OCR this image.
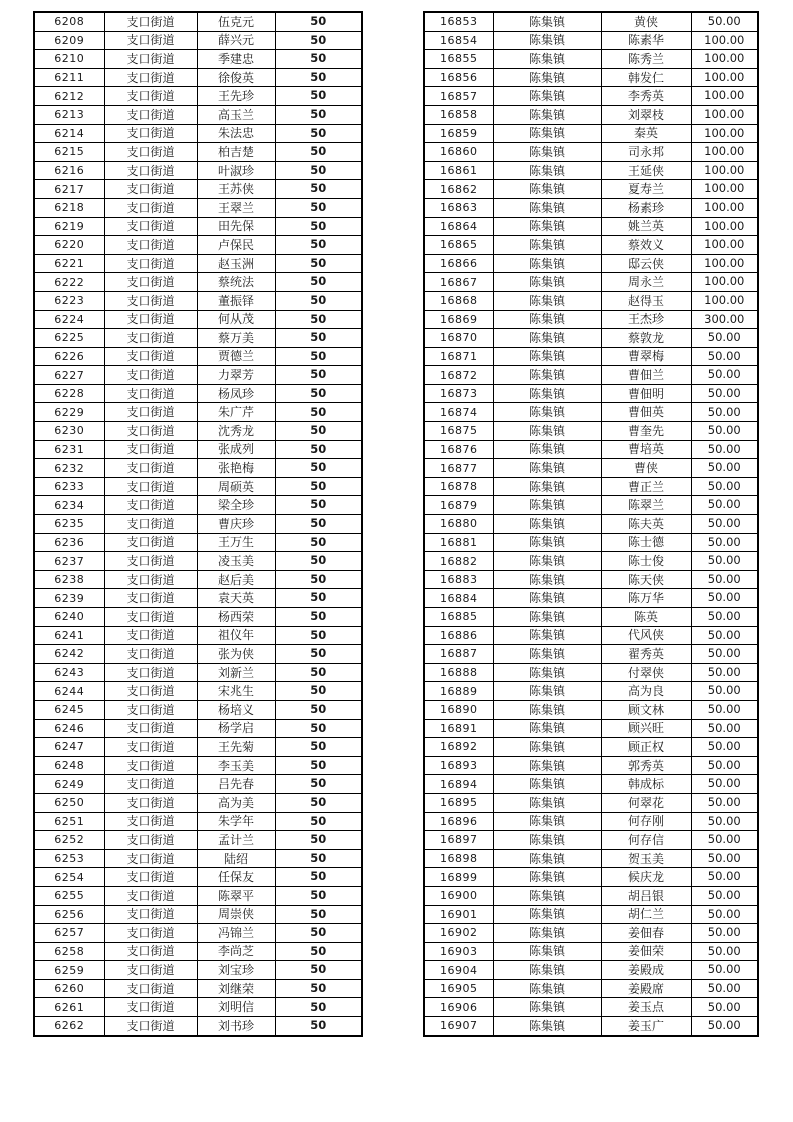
6208	支口街道	伍克元	50
6209	支口街道	薛兴元	50
6210	支口街道	季建忠	50
6211	支口街道	徐俊英	50
6212	支口街道	王先珍	50
6213	支口街道	高玉兰	50
6214	支口街道	朱法忠	50
6215	支口街道	柏吉楚	50
6216	支口街道	叶淑珍	50
6217	支口街道	王苏侠	50
6218	支口街道	王翠兰	50
6219	支口街道	田先保	50
6220	支口街道	卢保民	50
6221	支口街道	赵玉洲	50
6222	支口街道	蔡统法	50
6223	支口街道	董振铎	50
6224	支口街道	何从茂	50
6225	支口街道	蔡万美	50
6226	支口街道	贾德兰	50
6227	支口街道	力翠芳	50
6228	支口街道	杨凤珍	50
6229	支口街道	朱广芹	50
6230	支口街道	沈秀龙	50
6231	支口街道	张成列	50
6232	支口街道	张艳梅	50
6233	支口街道	周硕英	50
6234	支口街道	梁全珍	50
6235	支口街道	曹庆珍	50
6236	支口街道	王万生	50
6237	支口街道	凌玉美	50
6238	支口街道	赵后美	50
6239	支口街道	袁天英	50
6240	支口街道	杨西荣	50
6241	支口街道	祖仪年	50
6242	支口街道	张为侠	50
6243	支口街道	刘新兰	50
6244	支口街道	宋兆生	50
6245	支口街道	杨培义	50
6246	支口街道	杨学启	50
6247	支口街道	王先菊	50
6248	支口街道	李玉美	50
6249	支口街道	吕先春	50
6250	支口街道	高为美	50
6251	支口街道	朱学年	50
6252	支口街道	孟计兰	50
6253	支口街道	陆绍	50
6254	支口街道	任保友	50
6255	支口街道	陈翠平	50
6256	支口街道	周崇侠	50
6257	支口街道	冯锦兰	50
6258	支口街道	李尚芝	50
6259	支口街道	刘宝珍	50
6260	支口街道	刘继荣	50
6261	支口街道	刘明信	50
6262	支口街道	刘书珍	50
16853	陈集镇	黄侠	50.00
16854	陈集镇	陈素华	100.00
16855	陈集镇	陈秀兰	100.00
16856	陈集镇	韩发仁	100.00
16857	陈集镇	李秀英	100.00
16858	陈集镇	刘翠枝	100.00
16859	陈集镇	秦英	100.00
16860	陈集镇	司永邦	100.00
16861	陈集镇	王延侠	100.00
16862	陈集镇	夏寿兰	100.00
16863	陈集镇	杨素珍	100.00
16864	陈集镇	姚兰英	100.00
16865	陈集镇	蔡效义	100.00
16866	陈集镇	邸云侠	100.00
16867	陈集镇	周永兰	100.00
16868	陈集镇	赵得玉	100.00
16869	陈集镇	王杰珍	300.00
16870	陈集镇	蔡敦龙	50.00
16871	陈集镇	曹翠梅	50.00
16872	陈集镇	曹佃兰	50.00
16873	陈集镇	曹佃明	50.00
16874	陈集镇	曹佃英	50.00
16875	陈集镇	曹奎先	50.00
16876	陈集镇	曹培英	50.00
16877	陈集镇	曹侠	50.00
16878	陈集镇	曹正兰	50.00
16879	陈集镇	陈翠兰	50.00
16880	陈集镇	陈夫英	50.00
16881	陈集镇	陈士德	50.00
16882	陈集镇	陈士俊	50.00
16883	陈集镇	陈天侠	50.00
16884	陈集镇	陈万华	50.00
16885	陈集镇	陈英	50.00
16886	陈集镇	代风侠	50.00
16887	陈集镇	翟秀英	50.00
16888	陈集镇	付翠侠	50.00
16889	陈集镇	高为良	50.00
16890	陈集镇	顾文林	50.00
16891	陈集镇	顾兴旺	50.00
16892	陈集镇	顾正权	50.00
16893	陈集镇	郭秀英	50.00
16894	陈集镇	韩成标	50.00
16895	陈集镇	何翠花	50.00
16896	陈集镇	何存刚	50.00
16897	陈集镇	何存信	50.00
16898	陈集镇	贺玉美	50.00
16899	陈集镇	候庆龙	50.00
16900	陈集镇	胡吕银	50.00
16901	陈集镇	胡仁兰	50.00
16902	陈集镇	姜佃春	50.00
16903	陈集镇	姜佃荣	50.00
16904	陈集镇	姜殿成	50.00
16905	陈集镇	姜殿席	50.00
16906	陈集镇	姜玉点	50.00
16907	陈集镇	姜玉广	50.00
